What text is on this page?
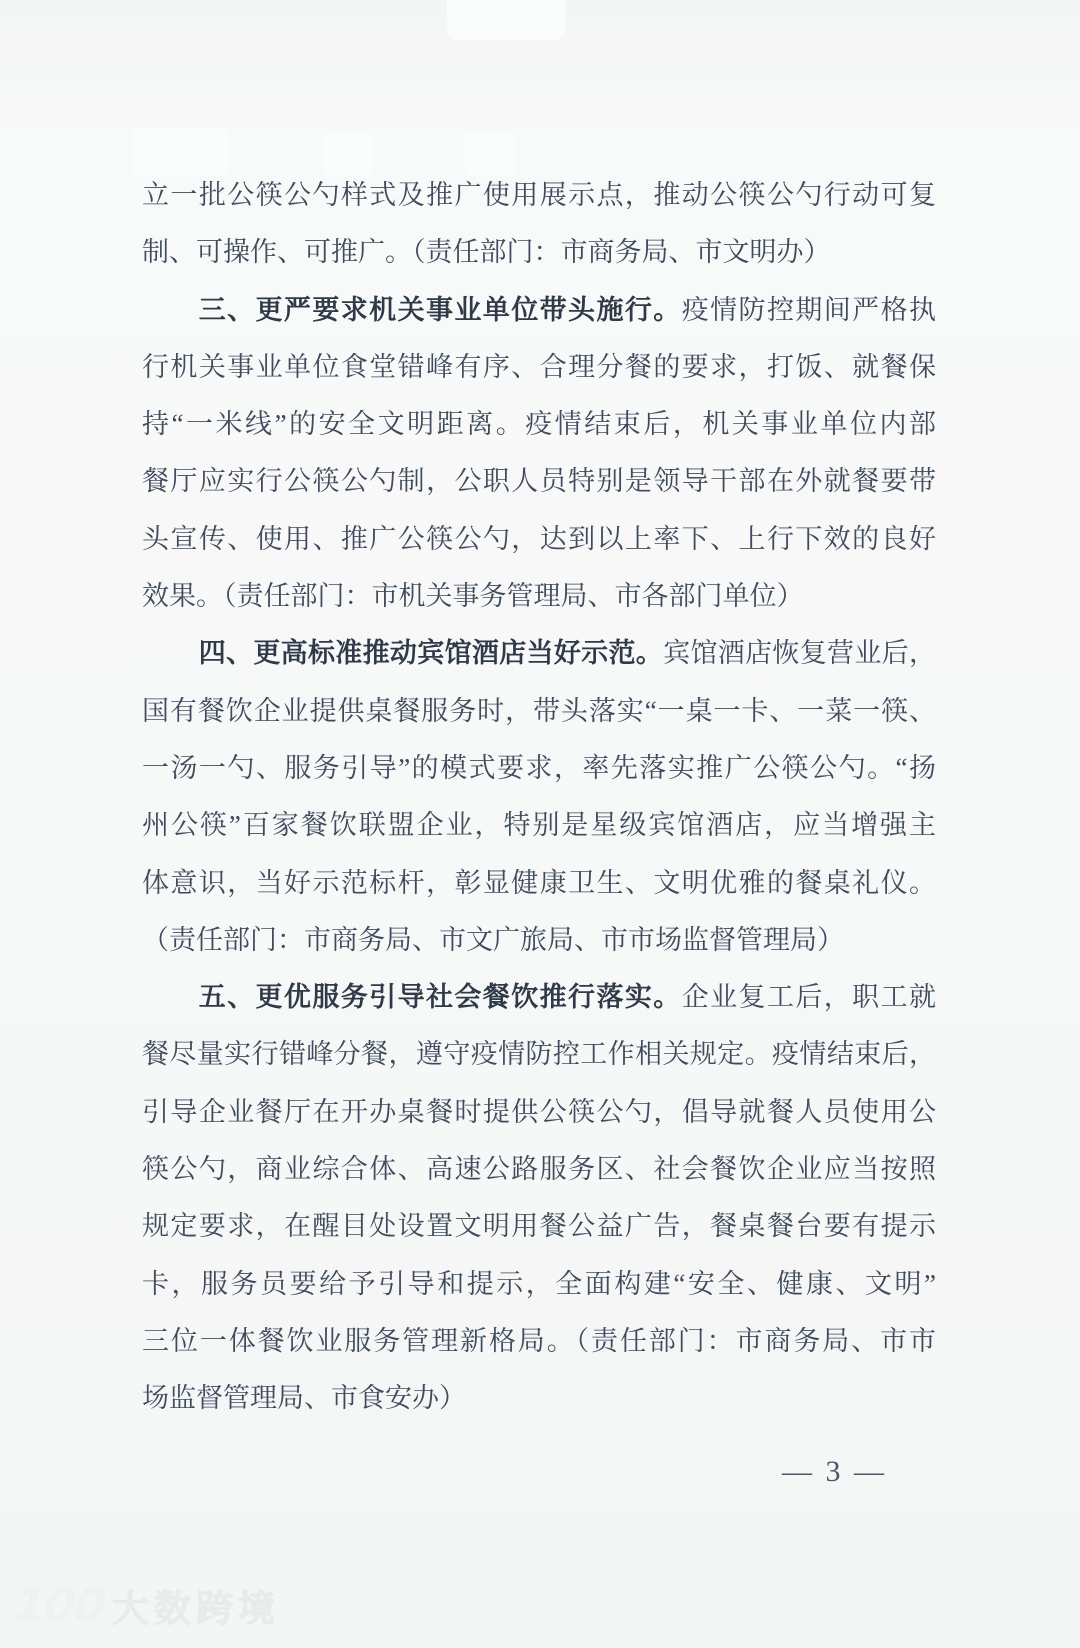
立一批公筷公勺样式及推广使用展示点，推动公筷公勺行动可复
制、可操作、可推广。（责任部门：市商务局、市文明办）
三、更严要求机关事业单位带头施行。疫情防控期间严格执
行机关事业单位食堂错峰有序、合理分餐的要求，打饭、就餐保
持“一米线”的安全文明距离。疫情结束后，机关事业单位内部
餐厅应实行公筷公勺制，公职人员特别是领导干部在外就餐要带
头宣传、使用、推广公筷公勺，达到以上率下、上行下效的良好
效果。（责任部门：市机关事务管理局、市各部门单位）
四、更高标准推动宾馆酒店当好示范。宾馆酒店恢复营业后，
国有餐饮企业提供桌餐服务时，带头落实“一桌一卡、一菜一筷、
一汤一勺、服务引导”的模式要求，率先落实推广公筷公勺。“扬
州公筷”百家餐饮联盟企业，特别是星级宾馆酒店，应当增强主
体意识，当好示范标杆，彰显健康卫生、文明优雅的餐桌礼仪。
（责任部门：市商务局、市文广旅局、市市场监督管理局）
五、更优服务引导社会餐饮推行落实。企业复工后，职工就
餐尽量实行错峰分餐，遵守疫情防控工作相关规定。疫情结束后，
引导企业餐厅在开办桌餐时提供公筷公勺，倡导就餐人员使用公
筷公勺，商业综合体、高速公路服务区、社会餐饮企业应当按照
规定要求，在醒目处设置文明用餐公益广告，餐桌餐台要有提示
卡，服务员要给予引导和提示，全面构建“安全、健康、文明”
三位一体餐饮业服务管理新格局。（责任部门：市商务局、市市
场监督管理局、市食安办）
— 3 —
100 大数跨境
